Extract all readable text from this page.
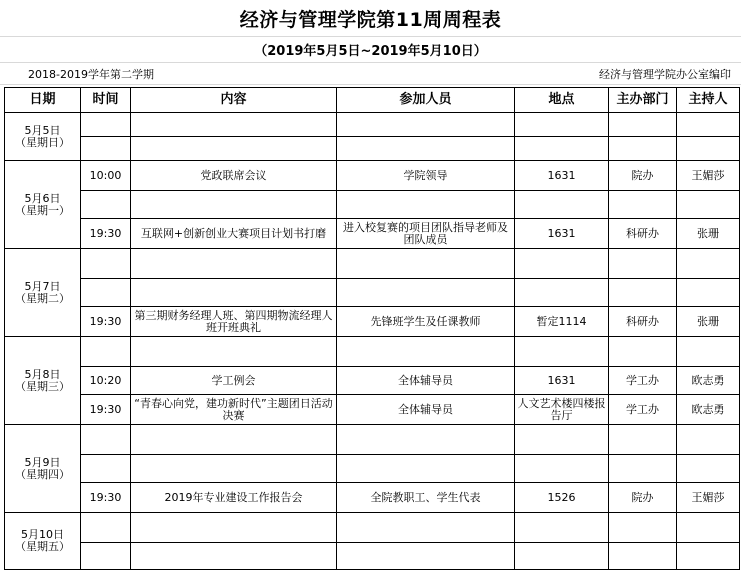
经济与管理学院第11周周程表
（2019年5月5日~2019年5月10日）
2018-2019学年第二学期	经济与管理学院办公室编印
日期	时间	内容	参加人员	地点	主办部门	主持人

5月5日
（星期日）						

5月6日
（星期一）	10:00	党政联席会议	学院领导	1631	院办	王媚莎

	19:30	互联网+创新创业大赛项目计划书打磨	进入校复赛的项目团队指导老师及团队成员	1631	科研办	张珊

5月7日
（星期二）						

	19:30	第三期财务经理人班、第四期物流经理人班开班典礼	先锋班学生及任课教师	暂定1114	科研办	张珊

5月8日
（星期三）						

	10:20	学工例会	全体辅导员	1631	学工办	欧志勇
	19:30	“青春心向党，建功新时代”主题团日活动决赛	全体辅导员	人文艺术楼四楼报告厅	学工办	欧志勇

5月9日
（星期四）						

	19:30	2019年专业建设工作报告会	全院教职工、学生代表	1526	院办	王媚莎

5月10日
（星期五）						
